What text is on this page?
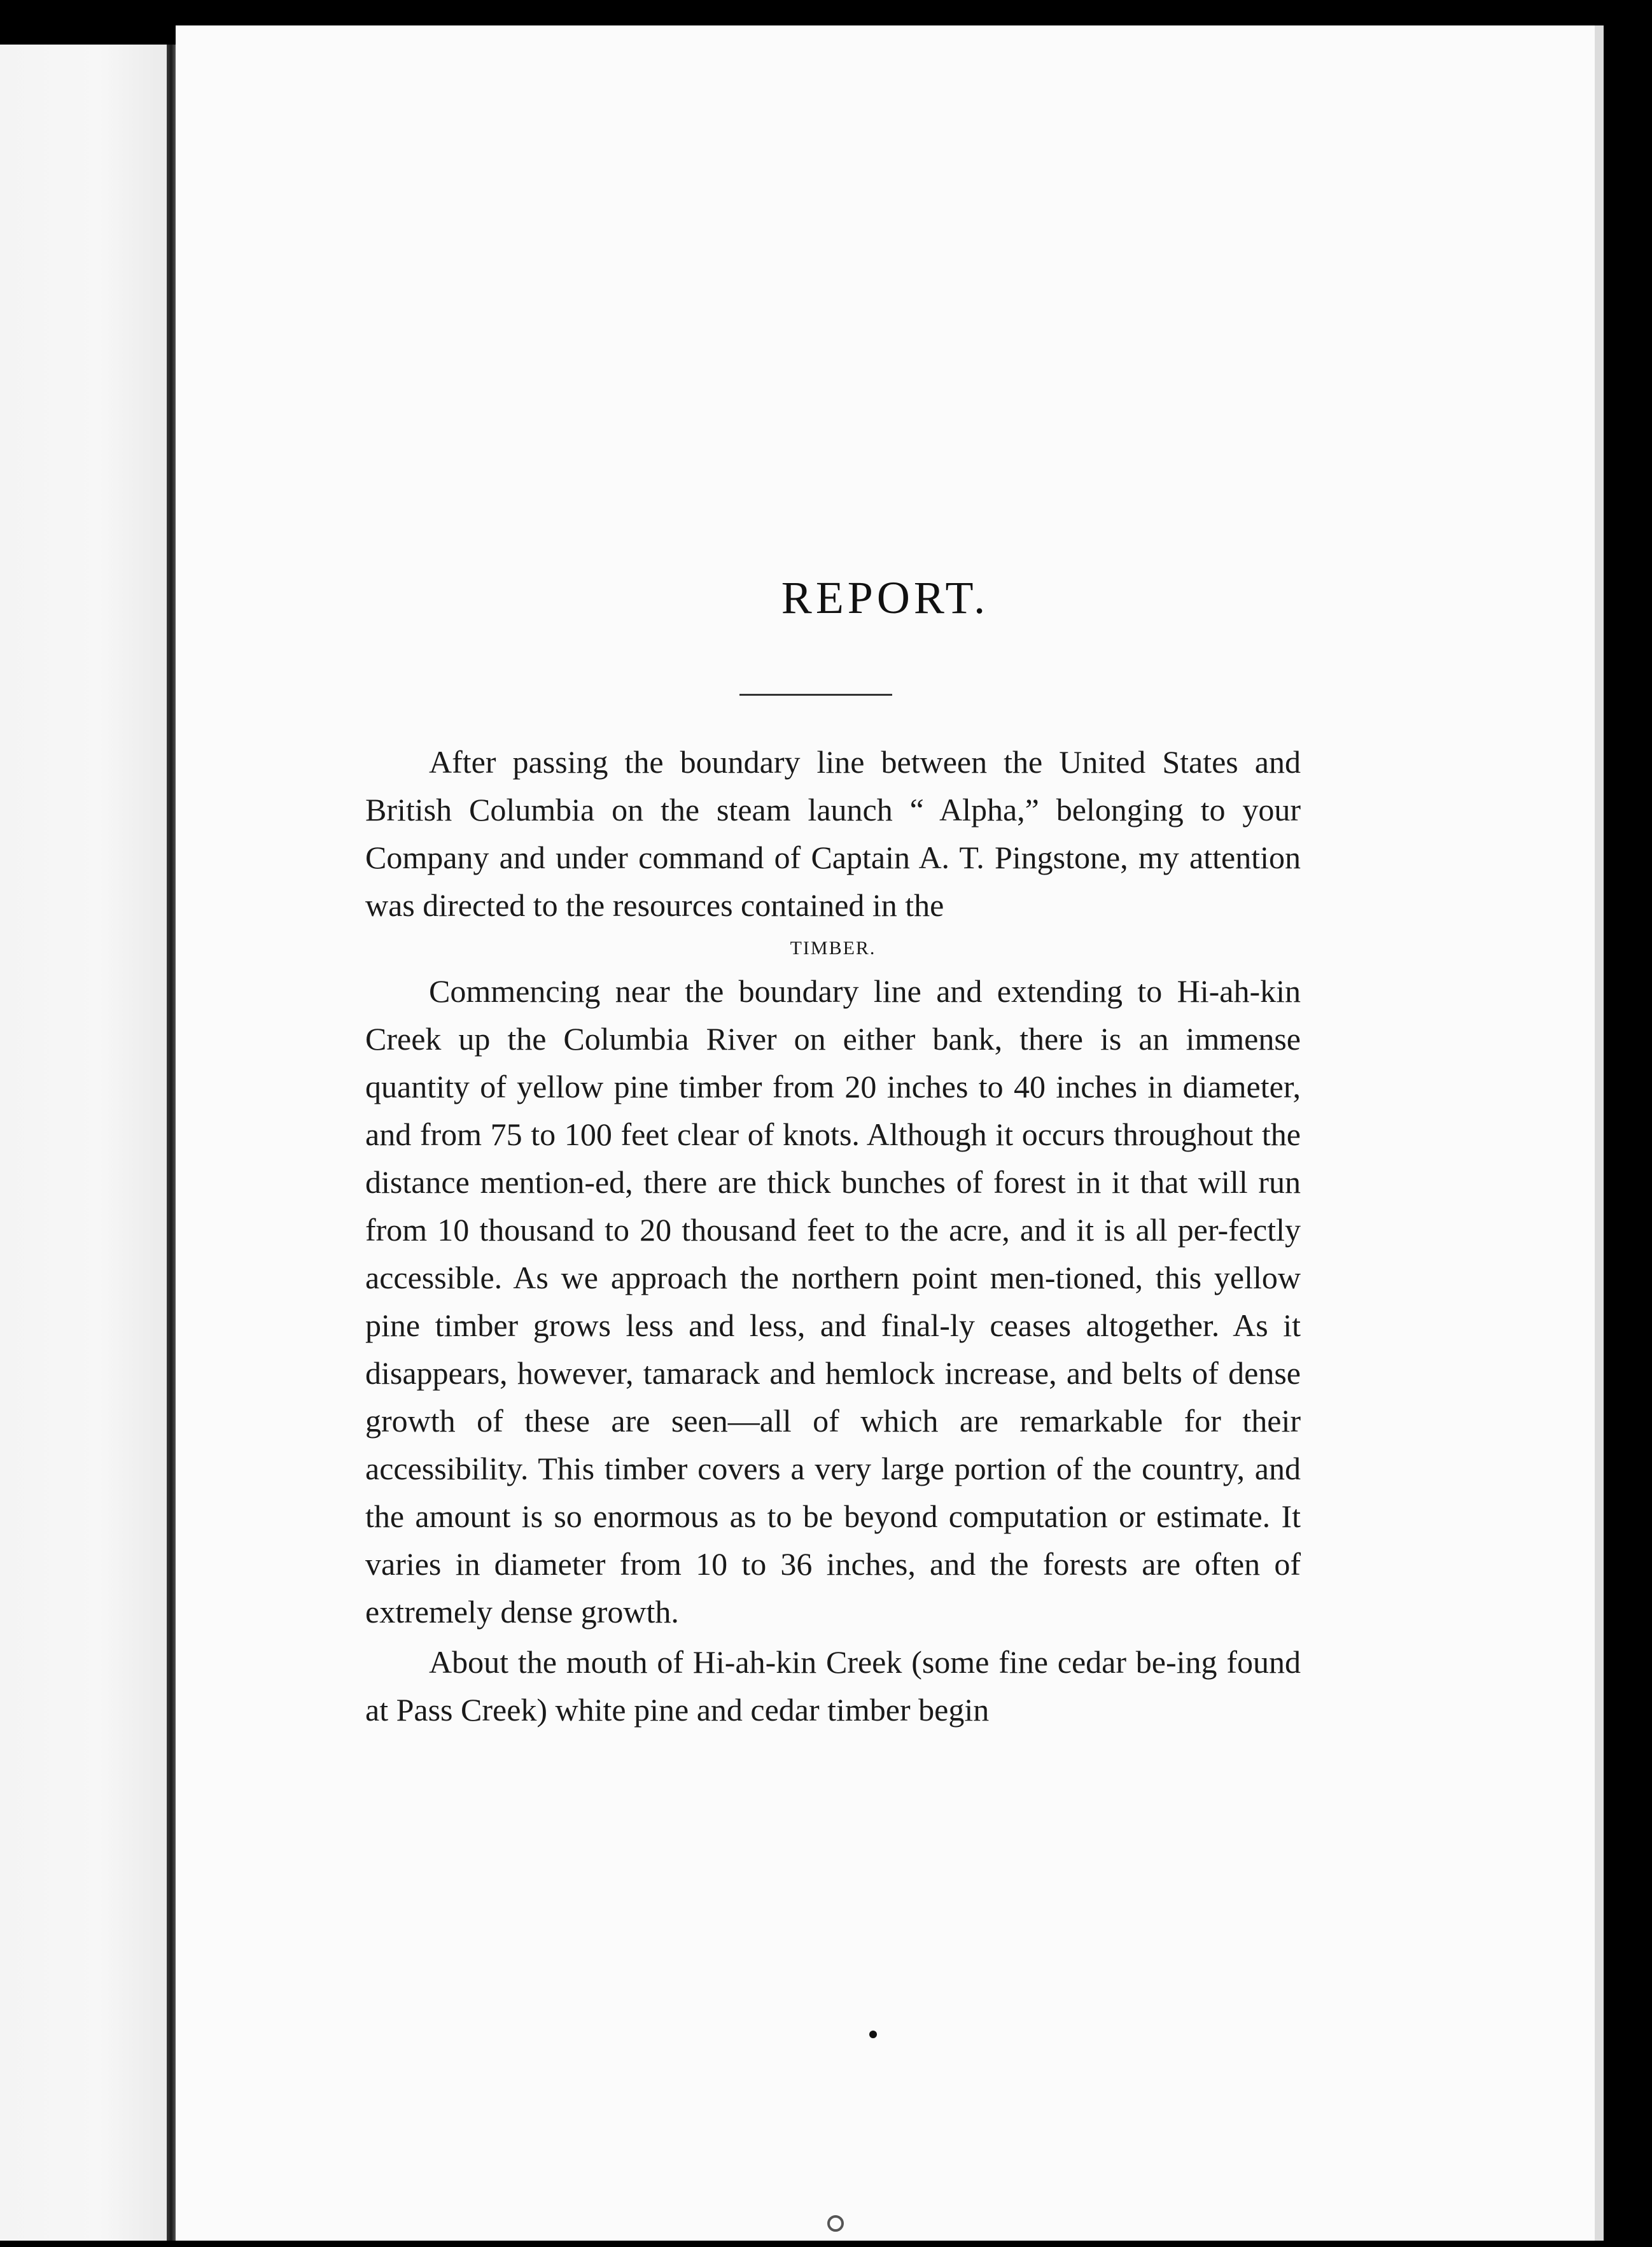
REPORT.

After passing the boundary line between the United States and British Columbia on the steam launch “ Alpha,” belonging to your Company and under command of Captain A. T. Pingstone, my attention was directed to the resources contained in the

TIMBER.

Commencing near the boundary line and extending to Hi-ah-kin Creek up the Columbia River on either bank, there is an immense quantity of yellow pine timber from 20 inches to 40 inches in diameter, and from 75 to 100 feet clear of knots. Although it occurs throughout the distance mention-ed, there are thick bunches of forest in it that will run from 10 thousand to 20 thousand feet to the acre, and it is all per-fectly accessible. As we approach the northern point men-tioned, this yellow pine timber grows less and less, and final-ly ceases altogether. As it disappears, however, tamarack and hemlock increase, and belts of dense growth of these are seen—all of which are remarkable for their accessibility. This timber covers a very large portion of the country, and the amount is so enormous as to be beyond computation or estimate. It varies in diameter from 10 to 36 inches, and the forests are often of extremely dense growth.

About the mouth of Hi-ah-kin Creek (some fine cedar be-ing found at Pass Creek) white pine and cedar timber begin
